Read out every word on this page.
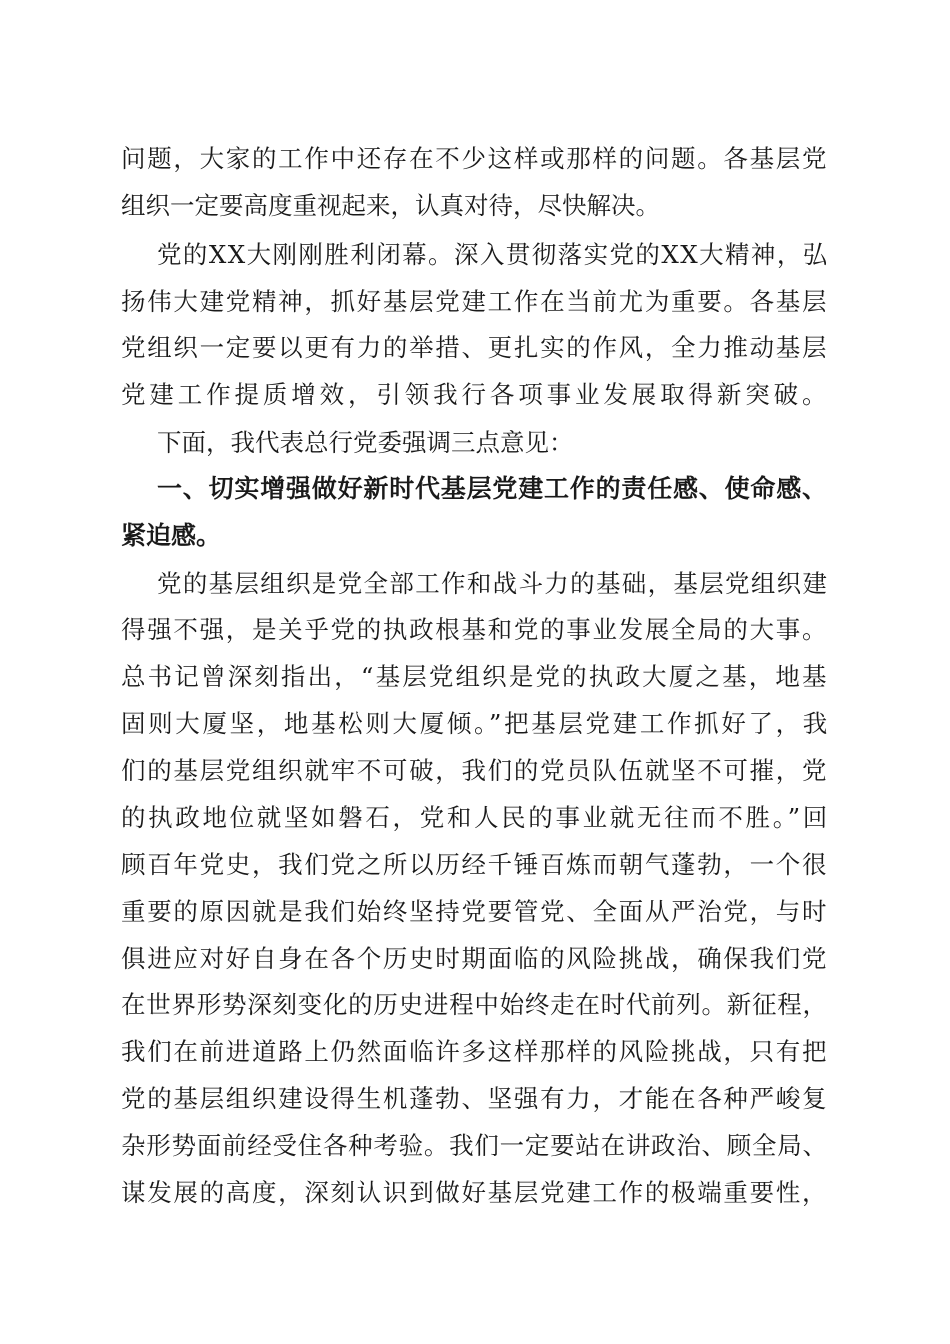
问题，大家的工作中还存在不少这样或那样的问题。各基层党
组织一定要高度重视起来，认真对待，尽快解决。
党的XX大刚刚胜利闭幕。深入贯彻落实党的XX大精神，弘
扬伟大建党精神，抓好基层党建工作在当前尤为重要。各基层
党组织一定要以更有力的举措、更扎实的作风，全力推动基层
党建工作提质增效，引领我行各项事业发展取得新突破。
下面，我代表总行党委强调三点意见：
一、切实增强做好新时代基层党建工作的责任感、使命感、
紧迫感。
党的基层组织是党全部工作和战斗力的基础，基层党组织建
得强不强，是关乎党的执政根基和党的事业发展全局的大事。
总书记曾深刻指出，“基层党组织是党的执政大厦之基，地基
固则大厦坚，地基松则大厦倾。”把基层党建工作抓好了，我
们的基层党组织就牢不可破，我们的党员队伍就坚不可摧，党
的执政地位就坚如磐石，党和人民的事业就无往而不胜。”回
顾百年党史，我们党之所以历经千锤百炼而朝气蓬勃，一个很
重要的原因就是我们始终坚持党要管党、全面从严治党，与时
俱进应对好自身在各个历史时期面临的风险挑战，确保我们党
在世界形势深刻变化的历史进程中始终走在时代前列。新征程，
我们在前进道路上仍然面临许多这样那样的风险挑战，只有把
党的基层组织建设得生机蓬勃、坚强有力，才能在各种严峻复
杂形势面前经受住各种考验。我们一定要站在讲政治、顾全局、
谋发展的高度，深刻认识到做好基层党建工作的极端重要性，
